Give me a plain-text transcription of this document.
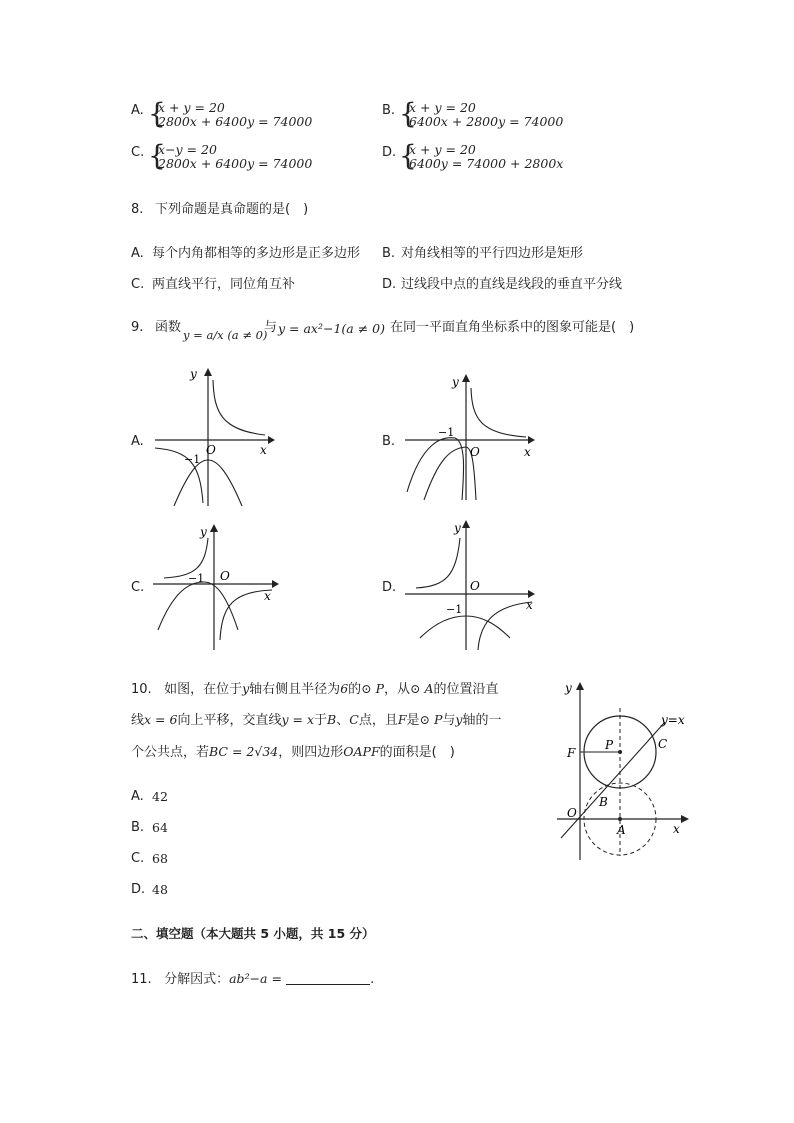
A. {
x + y = 20
2800x + 6400y = 74000
B. {
x + y = 20
6400x + 2800y = 74000
C. {
x−y = 20
2800x + 6400y = 74000
D. {
x + y = 20
6400y = 74000 + 2800x
8. 下列命题是真命题的是(　)
A. 每个内角都相等的多边形是正多边形 B. 对角线相等的平行四边形是矩形
C. 两直线平行，同位角互补	D. 过线段中点的直线是线段的垂直平分线
9. 函数 y = a/x (a ≠ 0)
与 y = ax²−1(a ≠ 0) 在同一平面直角坐标系中的图象可能是(　)
A.	B.
C.	D.
y
x
O
−1
y
x
O
−1
y
x
O
−1
y
x
O
−1
10. 如图，在位于y轴右侧且半径为6的⊙ P，从⊙ A的位置沿直
线x = 6向上平移，交直线y = x于B、C点，且F是⊙ P与y轴的一
个公共点，若BC = 2√34，则四边形OAPF的面积是(　)
A. 42
B. 64
C. 68
D. 48
y
x
O
A
B
C
F
P
y=x
二、填空题（本大题共 5 小题，共 15 分）
11. 分解因式：ab²−a =	.
